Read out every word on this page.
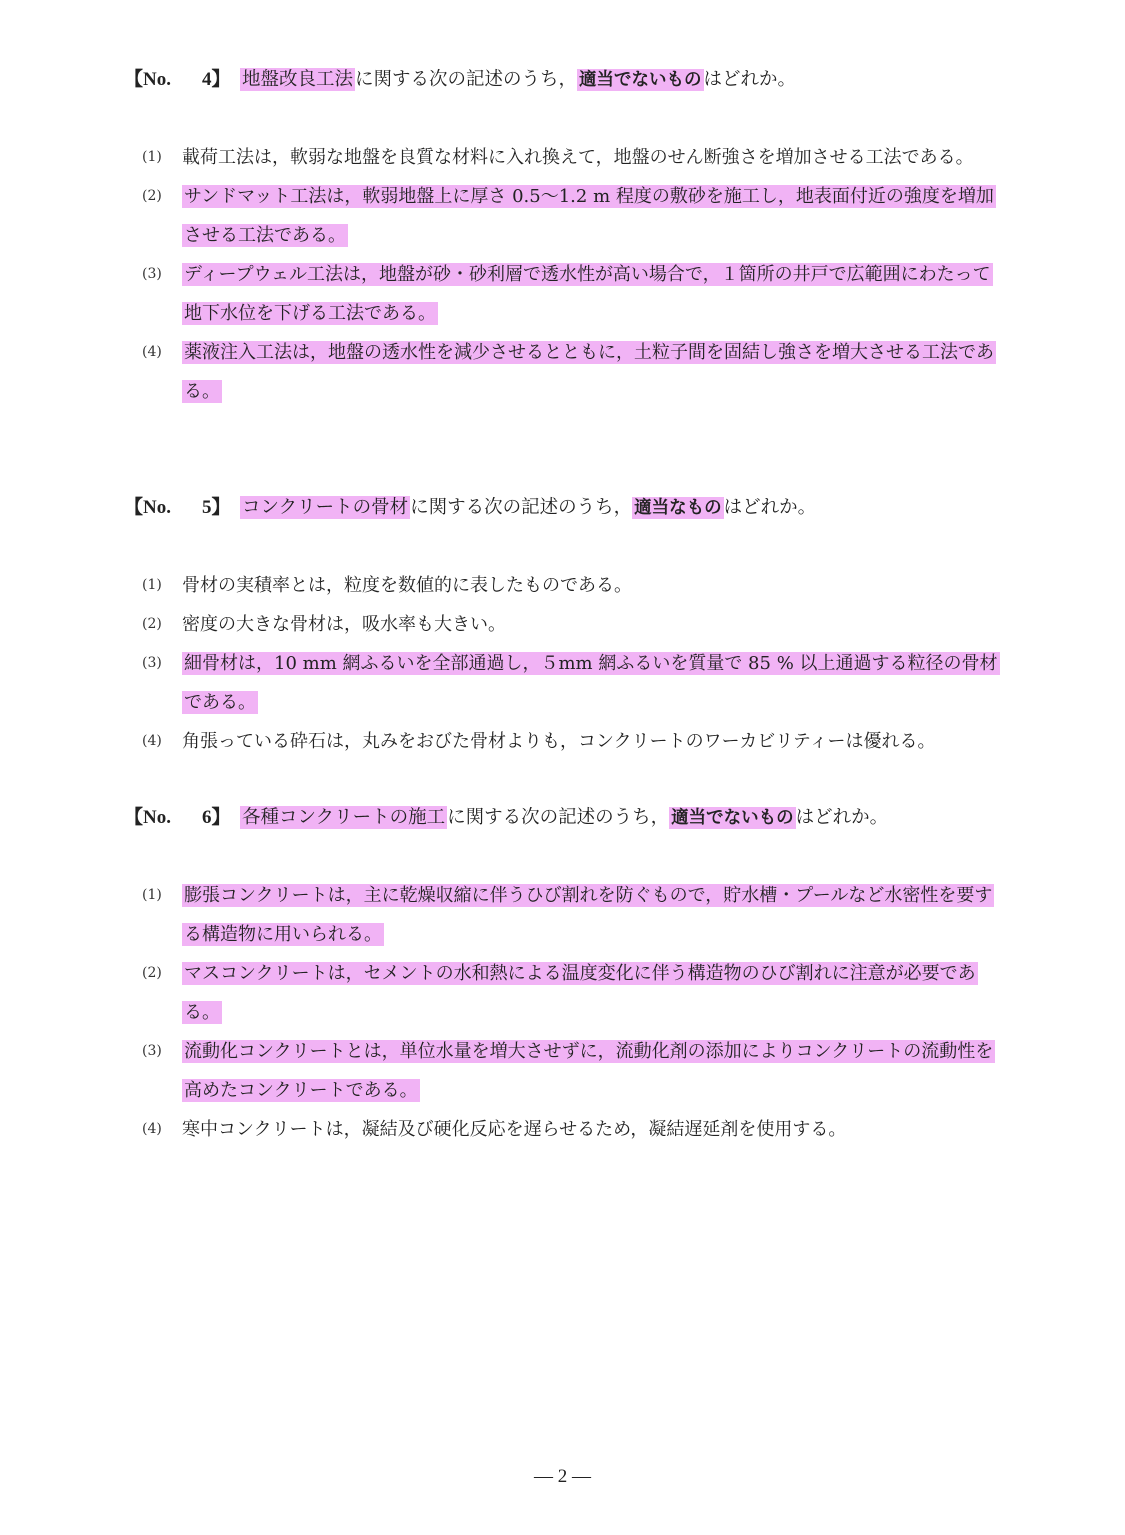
【No. 4】 地盤改良工法 に関する次の記述のうち， 適当でないもの はどれか。
(1) 載荷工法は，軟弱な地盤を良質な材料に入れ換えて，地盤のせん断強さを増加させる工法である。
(2) サンドマット工法は，軟弱地盤上に厚さ 0.5〜1.2 m 程度の敷砂を施工し，地表面付近の強度を増加させる工法である。
(3) ディープウェル工法は，地盤が砂・砂利層で透水性が高い場合で，１箇所の井戸で広範囲にわたって地下水位を下げる工法である。
(4) 薬液注入工法は，地盤の透水性を減少させるとともに，土粒子間を固結し強さを増大させる工法である。
【No. 5】 コンクリートの骨材 に関する次の記述のうち， 適当なもの はどれか。
(1) 骨材の実積率とは，粒度を数値的に表したものである。
(2) 密度の大きな骨材は，吸水率も大きい。
(3) 細骨材は，10 mm 網ふるいを全部通過し，５mm 網ふるいを質量で 85 % 以上通過する粒径の骨材である。
(4) 角張っている砕石は，丸みをおびた骨材よりも，コンクリートのワーカビリティーは優れる。
【No. 6】 各種コンクリートの施工 に関する次の記述のうち， 適当でないもの はどれか。
(1) 膨張コンクリートは，主に乾燥収縮に伴うひび割れを防ぐもので，貯水槽・プールなど水密性を要する構造物に用いられる。
(2) マスコンクリートは，セメントの水和熱による温度変化に伴う構造物のひび割れに注意が必要である。
(3) 流動化コンクリートとは，単位水量を増大させずに，流動化剤の添加によりコンクリートの流動性を高めたコンクリートである。
(4) 寒中コンクリートは，凝結及び硬化反応を遅らせるため，凝結遅延剤を使用する。
— 2 —
